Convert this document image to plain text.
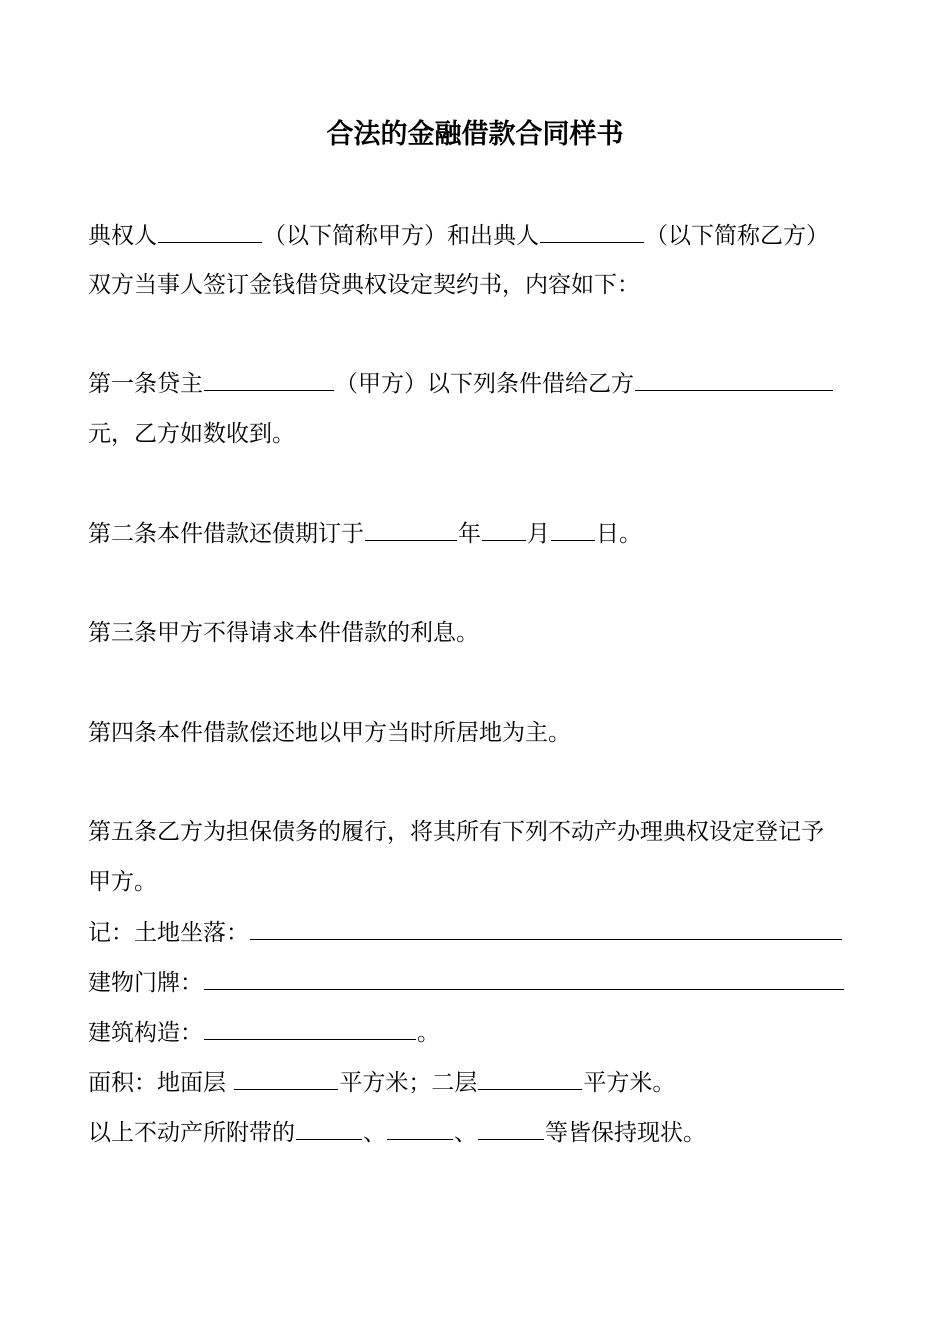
合法的金融借款合同样书
典权人	（以下简称甲方）和出典人	（以下简称乙方）
双方当事人签订金钱借贷典权设定契约书，内容如下：
第一条贷主	（甲方）以下列条件借给乙方
元，乙方如数收到。
第二条本件借款还债期订于	年 月 日。
第三条甲方不得请求本件借款的利息。
第四条本件借款偿还地以甲方当时所居地为主。
第五条乙方为担保债务的履行，将其所有下列不动产办理典权设定登记予
甲方。
记：土地坐落：
建物门牌：
建筑构造：	。
面积：地面层	平方米；二层	平方米。
以上不动产所附带的	、	、	等皆保持现状。
